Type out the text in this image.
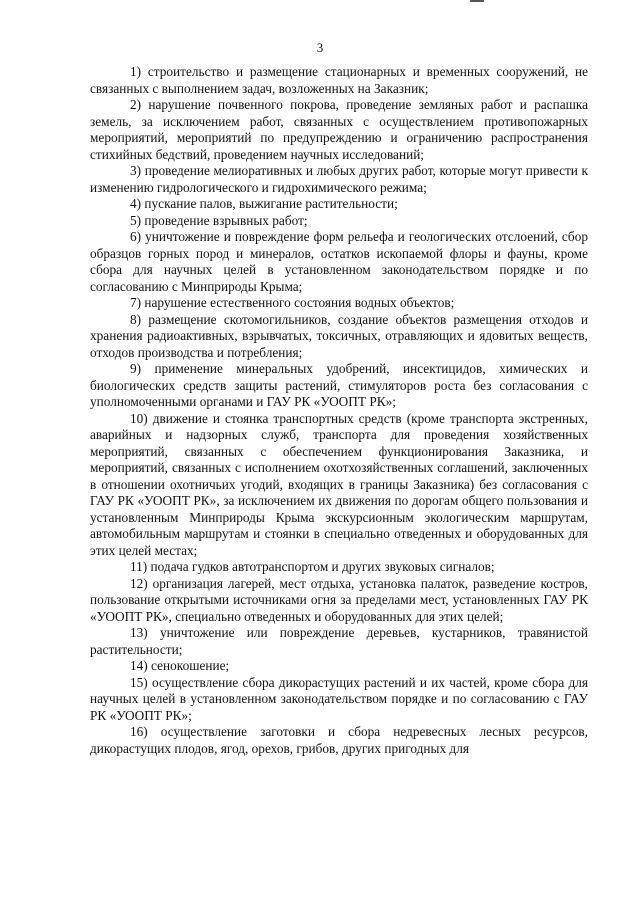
3

1) строительство и размещение стационарных и временных сооружений, не связанных с выполнением задач, возложенных на Заказник;

2) нарушение почвенного покрова, проведение земляных работ и распашка земель, за исключением работ, связанных с осуществлением противопожарных мероприятий, мероприятий по предупреждению и ограничению распространения стихийных бедствий, проведением научных исследований;

3) проведение мелиоративных и любых других работ, которые могут привести к изменению гидрологического и гидрохимического режима;

4) пускание палов, выжигание растительности;

5) проведение взрывных работ;

6) уничтожение и повреждение форм рельефа и геологических отслоений, сбор образцов горных пород и минералов, остатков ископаемой флоры и фауны, кроме сбора для научных целей в установленном законодательством порядке и по согласованию с Минприроды Крыма;

7) нарушение естественного состояния водных объектов;

8) размещение скотомогильников, создание объектов размещения отходов и хранения радиоактивных, взрывчатых, токсичных, отравляющих и ядовитых веществ, отходов производства и потребления;

9) применение минеральных удобрений, инсектицидов, химических и биологических средств защиты растений, стимуляторов роста без согласования с уполномоченными органами и ГАУ РК «УООПТ РК»;

10) движение и стоянка транспортных средств (кроме транспорта экстренных, аварийных и надзорных служб, транспорта для проведения хозяйственных мероприятий, связанных с обеспечением функционирования Заказника, и мероприятий, связанных с исполнением охотхозяйственных соглашений, заключенных в отношении охотничьих угодий, входящих в границы Заказника) без согласования с ГАУ РК «УООПТ РК», за исключением их движения по дорогам общего пользования и установленным Минприроды Крыма экскурсионным экологическим маршрутам, автомобильным маршрутам и стоянки в специально отведенных и оборудованных для этих целей местах;

11) подача гудков автотранспортом и других звуковых сигналов;

12) организация лагерей, мест отдыха, установка палаток, разведение костров, пользование открытыми источниками огня за пределами мест, установленных ГАУ РК «УООПТ РК», специально отведенных и оборудованных для этих целей;

13) уничтожение или повреждение деревьев, кустарников, травянистой растительности;

14) сенокошение;

15) осуществление сбора дикорастущих растений и их частей, кроме сбора для научных целей в установленном законодательством порядке и по согласованию с ГАУ РК «УООПТ РК»;

16) осуществление заготовки и сбора недревесных лесных ресурсов, дикорастущих плодов, ягод, орехов, грибов, других пригодных для
